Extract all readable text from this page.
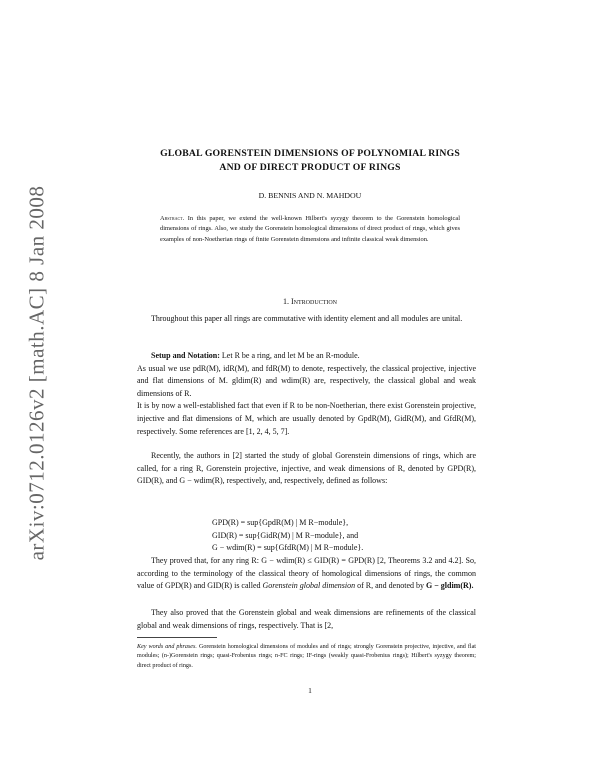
arXiv:0712.0126v2 [math.AC] 8 Jan 2008
GLOBAL GORENSTEIN DIMENSIONS OF POLYNOMIAL RINGS
AND OF DIRECT PRODUCT OF RINGS
D. BENNIS AND N. MAHDOU
Abstract. In this paper, we extend the well-known Hilbert's syzygy theorem to the Gorenstein homological dimensions of rings. Also, we study the Gorenstein homological dimensions of direct product of rings, which gives examples of non-Noetherian rings of finite Gorenstein dimensions and infinite classical weak dimension.
1. Introduction

Throughout this paper all rings are commutative with identity element and all modules are unital.

Setup and Notation: Let R be a ring, and let M be an R-module.
As usual we use pdR(M), idR(M), and fdR(M) to denote, respectively, the classical projective, injective and flat dimensions of M. gldim(R) and wdim(R) are, respectively, the classical global and weak dimensions of R.
It is by now a well-established fact that even if R to be non-Noetherian, there exist Gorenstein projective, injective and flat dimensions of M, which are usually denoted by GpdR(M), GidR(M), and GfdR(M), respectively. Some references are [1, 2, 4, 5, 7].

Recently, the authors in [2] started the study of global Gorenstein dimensions of rings, which are called, for a ring R, Gorenstein projective, injective, and weak dimensions of R, denoted by GPD(R), GID(R), and G − wdim(R), respectively, and, respectively, defined as follows:

GPD(R) = sup{GpdR(M) | M R−module},
GID(R) = sup{GidR(M) | M R−module}, and
G − wdim(R) = sup{GfdR(M) | M R−module}.

They proved that, for any ring R: G − wdim(R) ≤ GID(R) = GPD(R) [2, Theorems 3.2 and 4.2]. So, according to the terminology of the classical theory of homological dimensions of rings, the common value of GPD(R) and GID(R) is called Gorenstein global dimension of R, and denoted by G − gldim(R).

They also proved that the Gorenstein global and weak dimensions are refinements of the classical global and weak dimensions of rings, respectively. That is [2,

Key words and phrases. Gorenstein homological dimensions of modules and of rings; strongly Gorenstein projective, injective, and flat modules; (n-)Gorenstein rings; quasi-Frobenius rings; n-FC rings; IF-rings (weakly quasi-Frobenius rings); Hilbert's syzygy theorem; direct product of rings.

1
